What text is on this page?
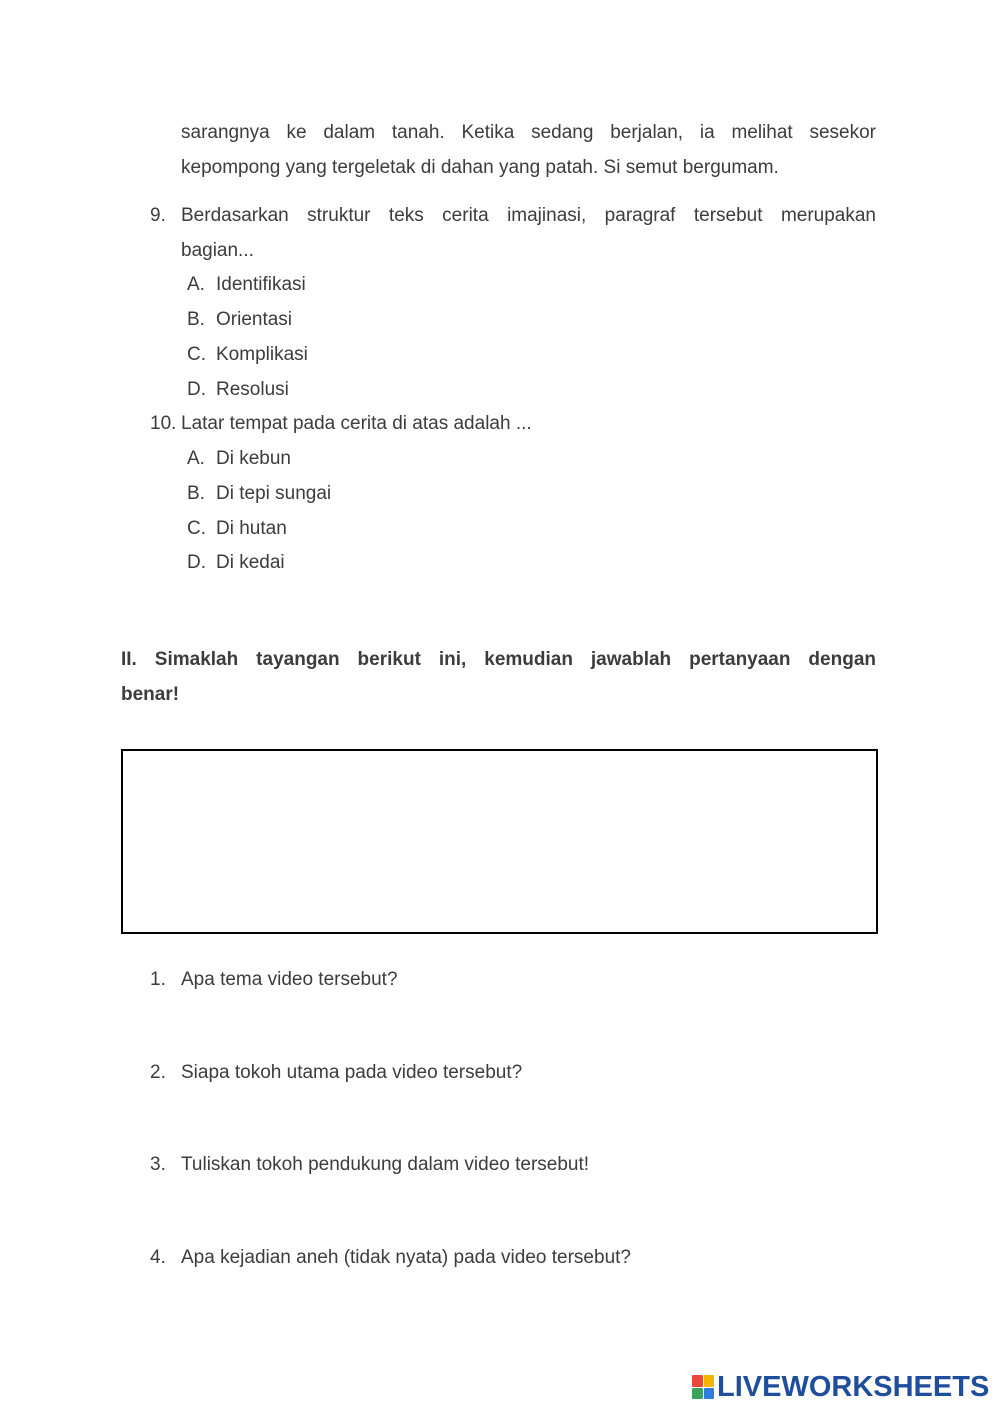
sarangnya ke dalam tanah. Ketika sedang berjalan, ia melihat sesekor
kepompong yang tergeletak di dahan yang patah. Si semut bergumam.
9. Berdasarkan struktur teks cerita imajinasi, paragraf tersebut merupakan
bagian...
A. Identifikasi
B. Orientasi
C. Komplikasi
D. Resolusi
10. Latar tempat pada cerita di atas adalah ...
A. Di kebun
B. Di tepi sungai
C. Di hutan
D. Di kedai
II. Simaklah tayangan berikut ini, kemudian jawablah pertanyaan dengan
benar!
1. Apa tema video tersebut?
2. Siapa tokoh utama pada video tersebut?
3. Tuliskan tokoh pendukung dalam video tersebut!
4. Apa kejadian aneh (tidak nyata) pada video tersebut?
LIVEWORKSHEETS
